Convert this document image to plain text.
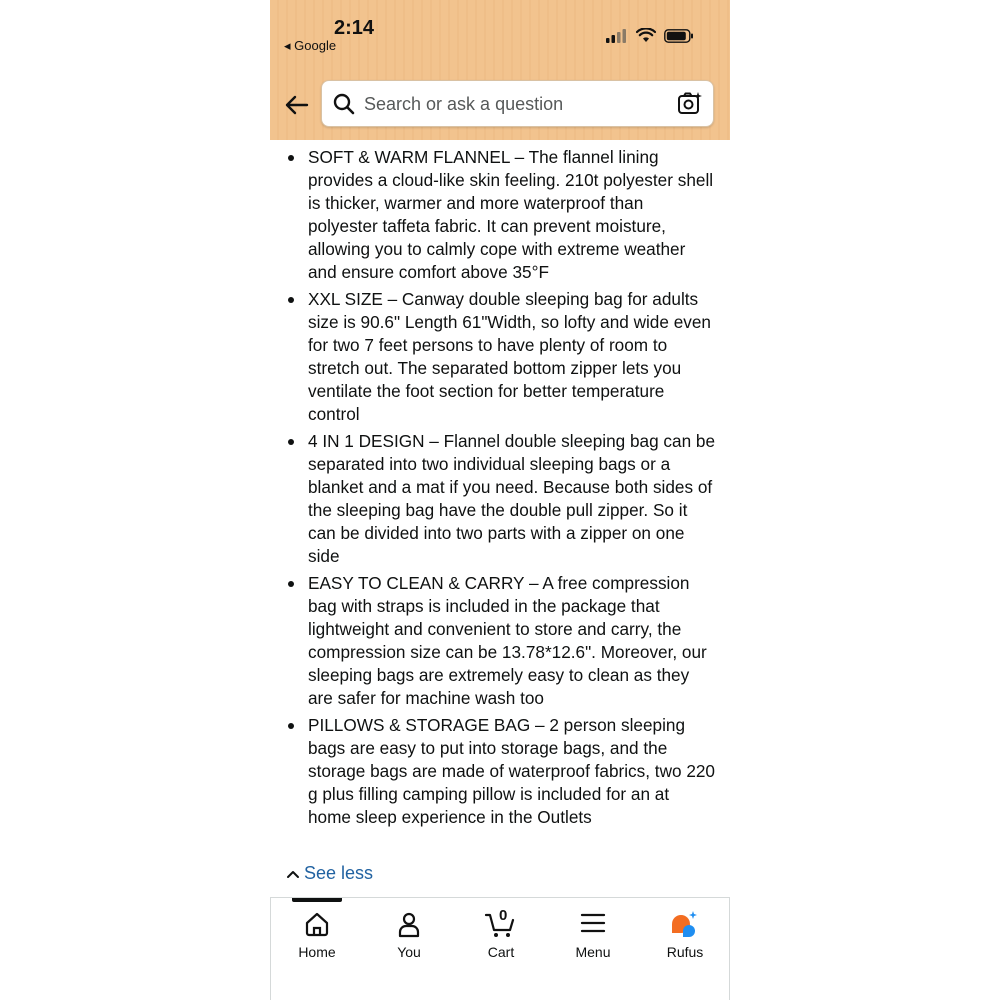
2:14
◂ Google
Search or ask a question
SOFT & WARM FLANNEL – The flannel lining provides a cloud-like skin feeling. 210t polyester shell is thicker, warmer and more waterproof than polyester taffeta fabric. It can prevent moisture, allowing you to calmly cope with extreme weather and ensure comfort above 35°F
XXL SIZE – Canway double sleeping bag for adults size is 90.6" Length 61"Width, so lofty and wide even for two 7 feet persons to have plenty of room to stretch out. The separated bottom zipper lets you ventilate the foot section for better temperature control
4 IN 1 DESIGN – Flannel double sleeping bag can be separated into two individual sleeping bags or a blanket and a mat if you need. Because both sides of the sleeping bag have the double pull zipper. So it can be divided into two parts with a zipper on one side
EASY TO CLEAN & CARRY – A free compression bag with straps is included in the package that lightweight and convenient to store and carry, the compression size can be 13.78*12.6". Moreover, our sleeping bags are extremely easy to clean as they are safer for machine wash too
PILLOWS & STORAGE BAG – 2 person sleeping bags are easy to put into storage bags, and the storage bags are made of waterproof fabrics, two 220 g plus filling camping pillow is included for an at home sleep experience in the Outlets
See less
Home	You
0
Cart	Menu	Rufus
